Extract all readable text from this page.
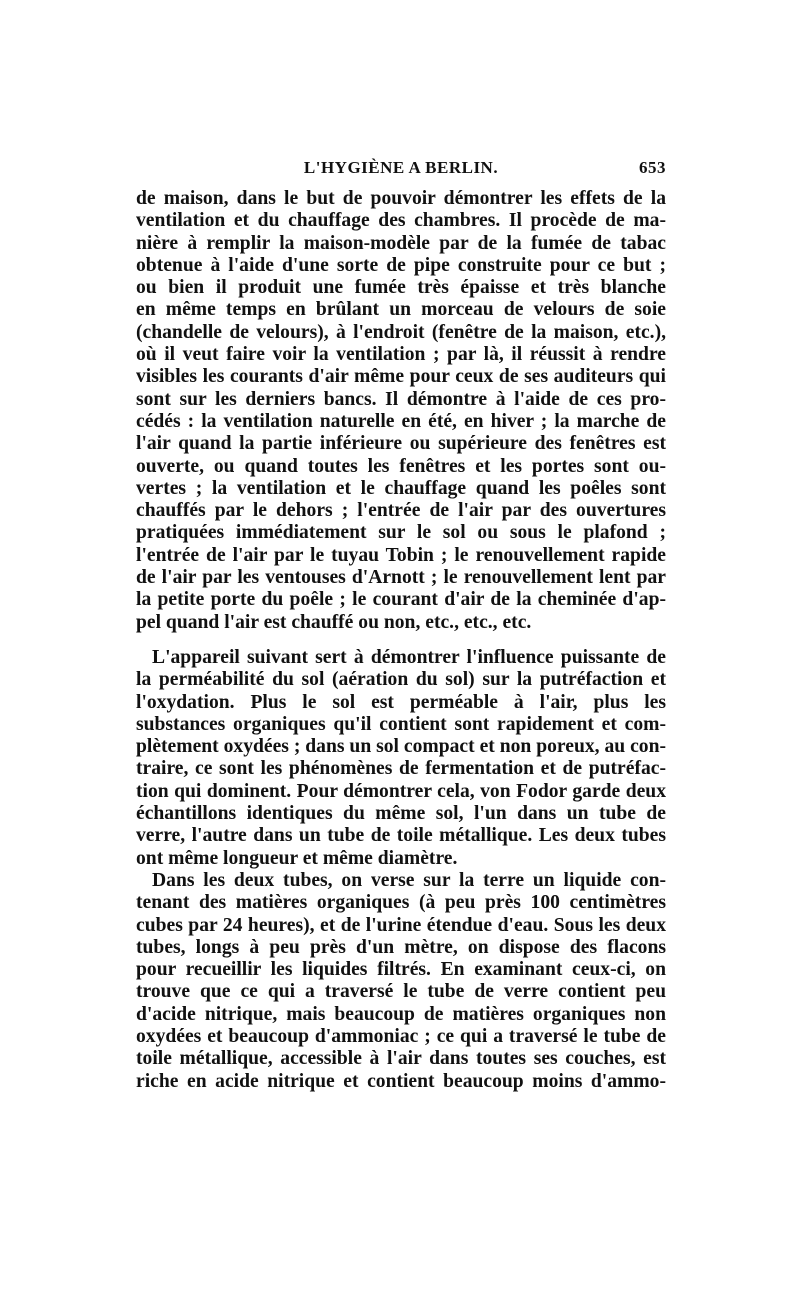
L'HYGIÈNE A BERLIN.	653
de maison, dans le but de pouvoir démontrer les effets de la
ventilation et du chauffage des chambres. Il procède de ma-
nière à remplir la maison-modèle par de la fumée de tabac
obtenue à l'aide d'une sorte de pipe construite pour ce but ;
ou bien il produit une fumée très épaisse et très blanche
en même temps en brûlant un morceau de velours de soie
(chandelle de velours), à l'endroit (fenêtre de la maison, etc.),
où il veut faire voir la ventilation ; par là, il réussit à rendre
visibles les courants d'air même pour ceux de ses auditeurs qui
sont sur les derniers bancs. Il démontre à l'aide de ces pro-
cédés : la ventilation naturelle en été, en hiver ; la marche de
l'air quand la partie inférieure ou supérieure des fenêtres est
ouverte, ou quand toutes les fenêtres et les portes sont ou-
vertes ; la ventilation et le chauffage quand les poêles sont
chauffés par le dehors ; l'entrée de l'air par des ouvertures
pratiquées immédiatement sur le sol ou sous le plafond ;
l'entrée de l'air par le tuyau Tobin ; le renouvellement rapide
de l'air par les ventouses d'Arnott ; le renouvellement lent par
la petite porte du poêle ; le courant d'air de la cheminée d'ap-
pel quand l'air est chauffé ou non, etc., etc., etc.
L'appareil suivant sert à démontrer l'influence puissante de
la perméabilité du sol (aération du sol) sur la putréfaction et
l'oxydation. Plus le sol est perméable à l'air, plus les
substances organiques qu'il contient sont rapidement et com-
plètement oxydées ; dans un sol compact et non poreux, au con-
traire, ce sont les phénomènes de fermentation et de putréfac-
tion qui dominent. Pour démontrer cela, von Fodor garde deux
échantillons identiques du même sol, l'un dans un tube de
verre, l'autre dans un tube de toile métallique. Les deux tubes
ont même longueur et même diamètre.
Dans les deux tubes, on verse sur la terre un liquide con-
tenant des matières organiques (à peu près 100 centimètres
cubes par 24 heures), et de l'urine étendue d'eau. Sous les deux
tubes, longs à peu près d'un mètre, on dispose des flacons
pour recueillir les liquides filtrés. En examinant ceux-ci, on
trouve que ce qui a traversé le tube de verre contient peu
d'acide nitrique, mais beaucoup de matières organiques non
oxydées et beaucoup d'ammoniac ; ce qui a traversé le tube de
toile métallique, accessible à l'air dans toutes ses couches, est
riche en acide nitrique et contient beaucoup moins d'ammo-
